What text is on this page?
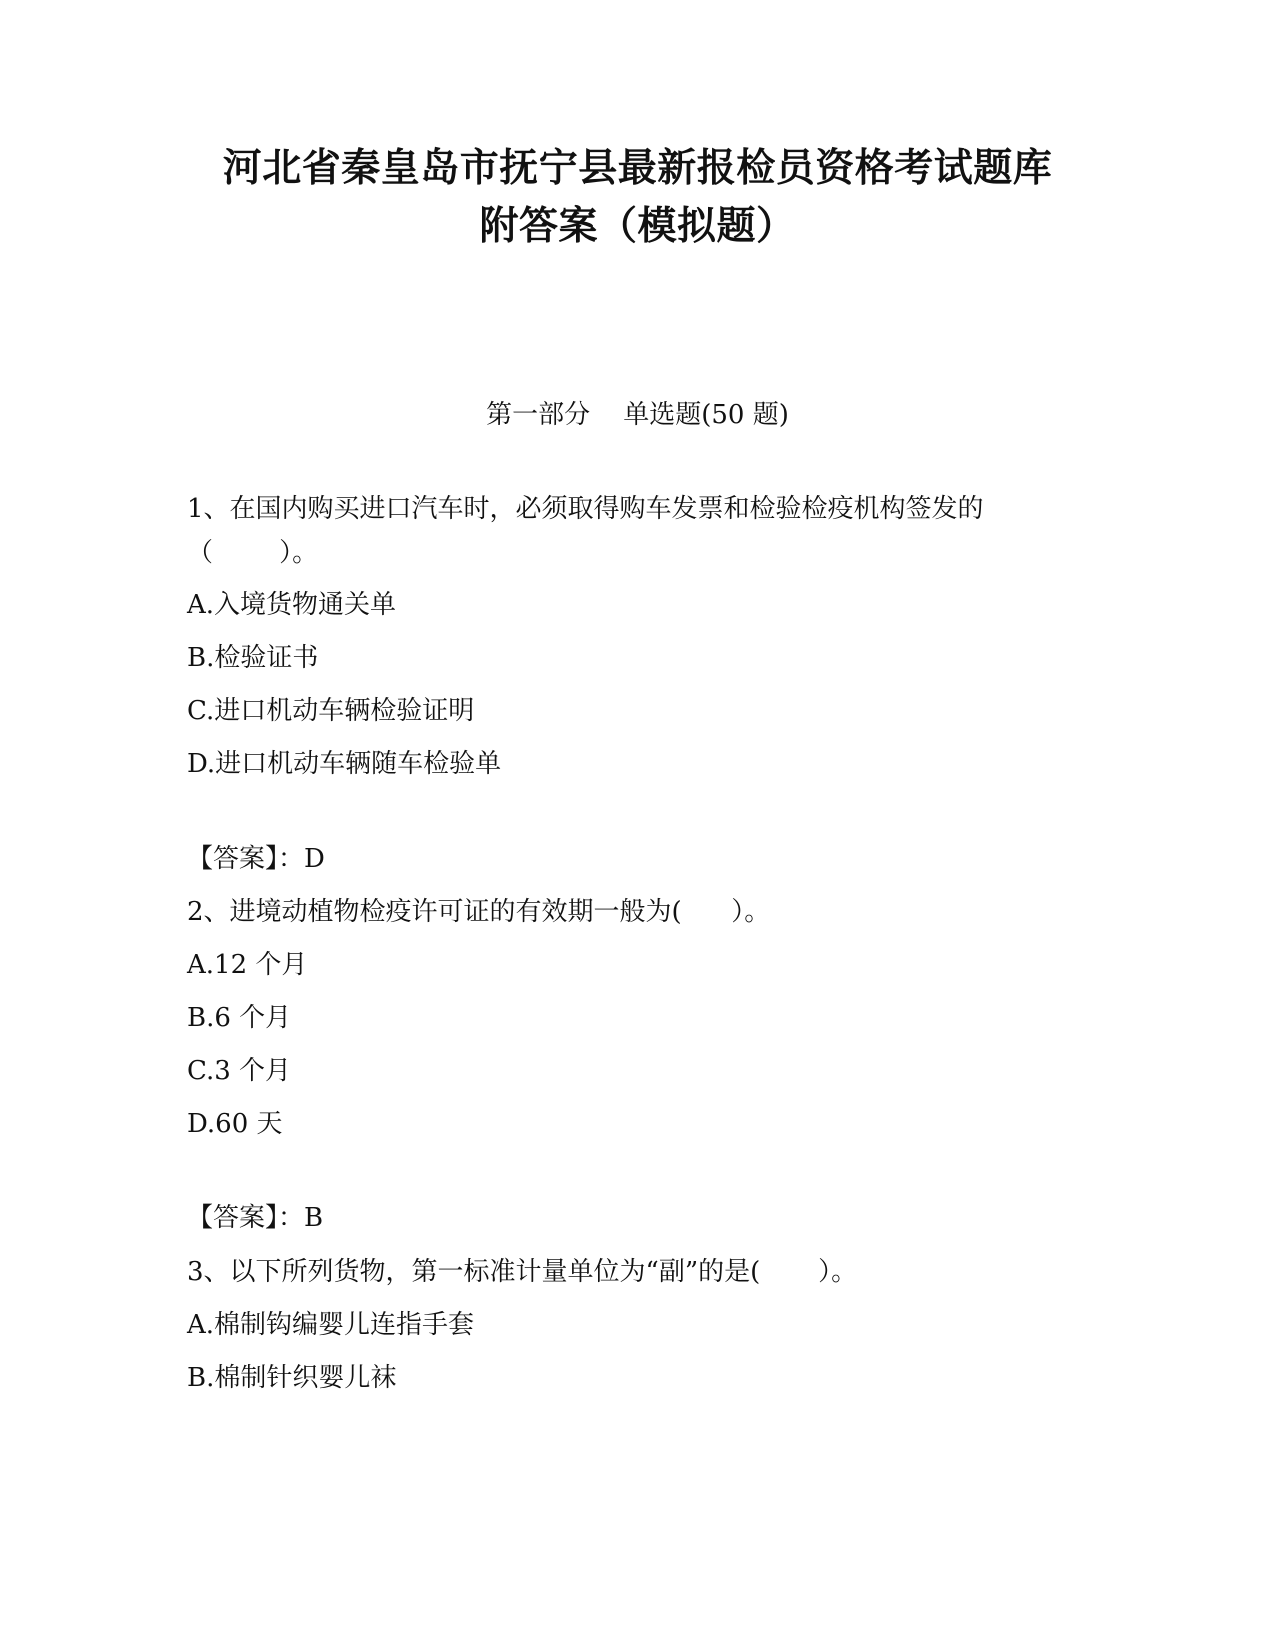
河北省秦皇岛市抚宁县最新报检员资格考试题库
附答案（模拟题）
第一部分    单选题(50 题)
1、在国内购买进口汽车时，必须取得购车发票和检验检疫机构签发的
（        ）。
A.入境货物通关单
B.检验证书
C.进口机动车辆检验证明
D.进口机动车辆随车检验单
【答案】：D
2、进境动植物检疫许可证的有效期一般为(      ）。
A.12 个月
B.6 个月
C.3 个月
D.60 天
【答案】：B
3、以下所列货物，第一标准计量单位为“副”的是(       ）。
A.棉制钩编婴儿连指手套
B.棉制针织婴儿袜
